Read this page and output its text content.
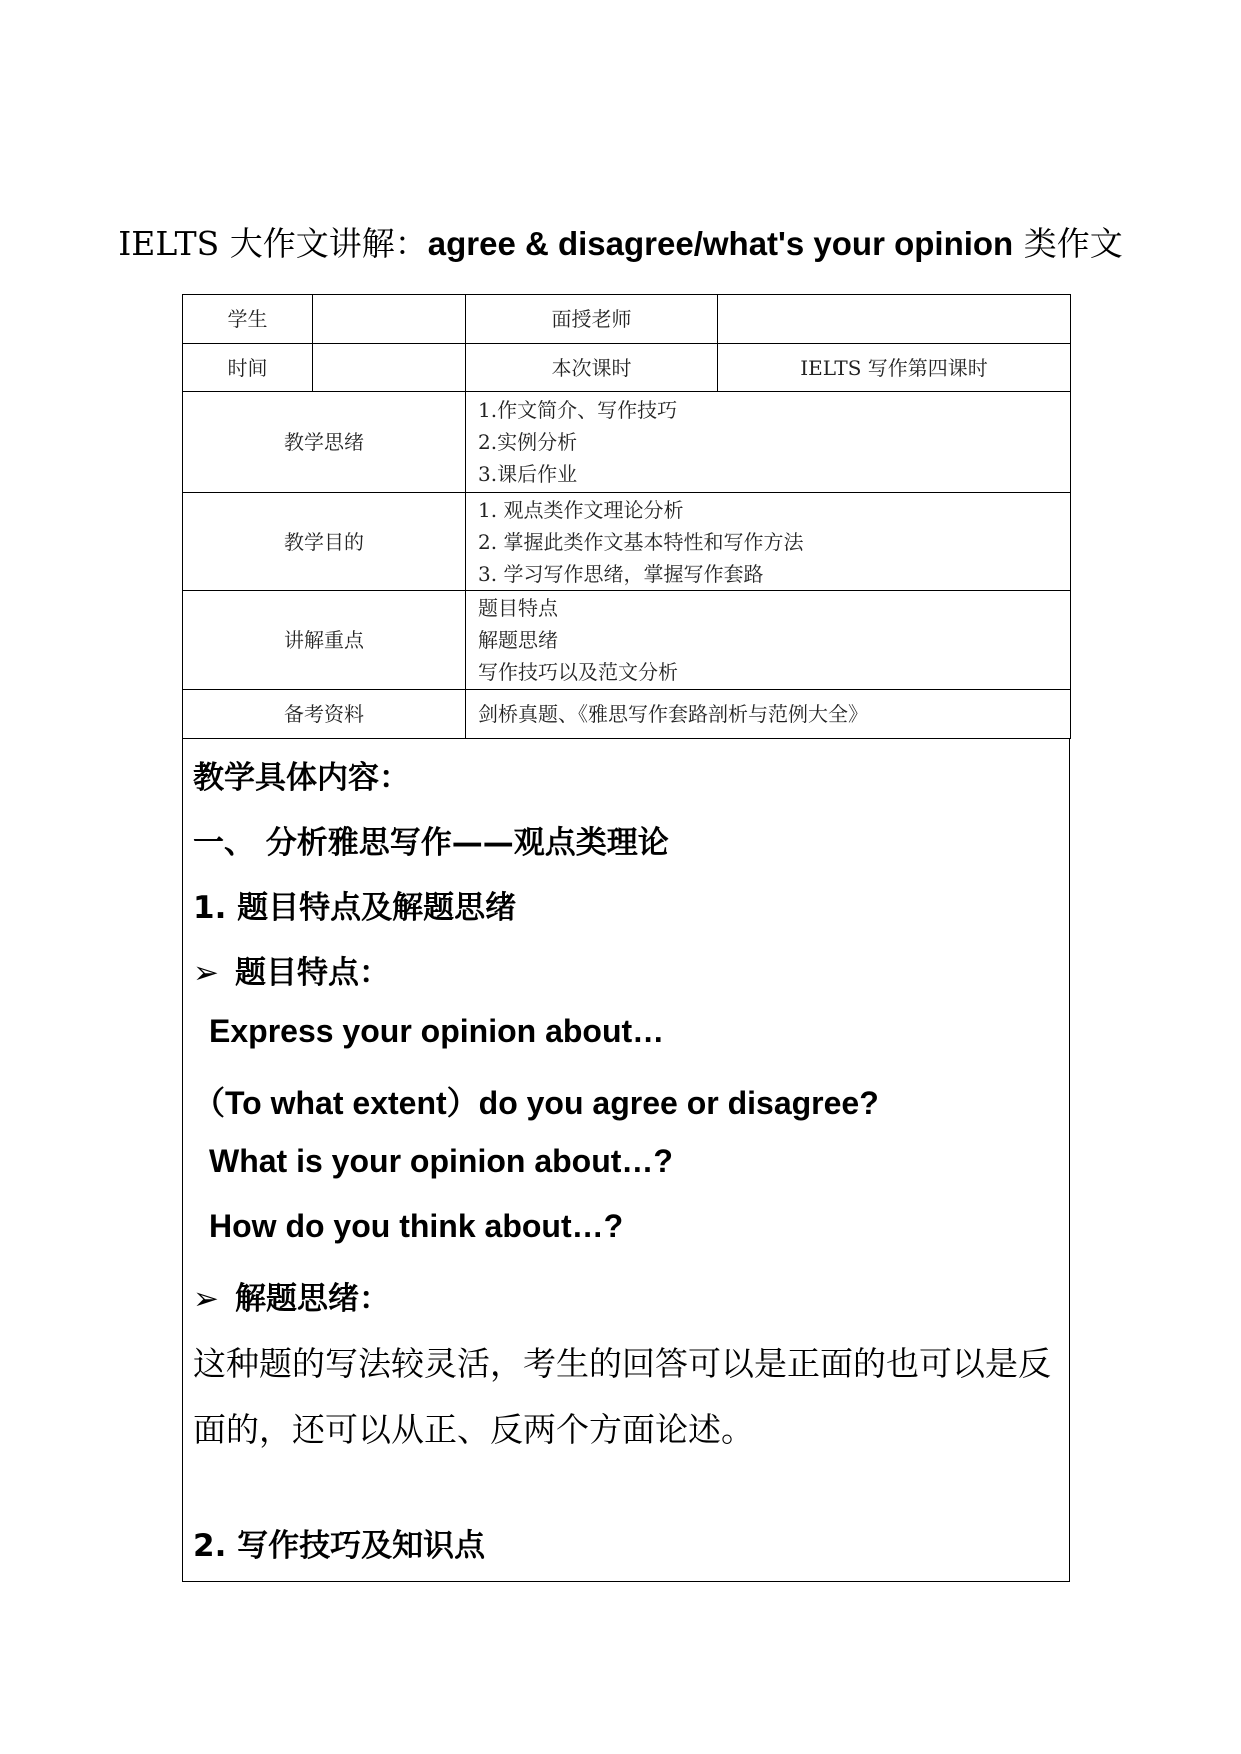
IELTS 大作文讲解：agree & disagree/what's your opinion 类作文
学生		面授老师	
时间		本次课时	IELTS 写作第四课时
教学思绪		1.作文简介、写作技巧
2.实例分析
3.课后作业	

教学目的		1. 观点类作文理论分析
2. 掌握此类作文基本特性和写作方法
3. 学习写作思绪，掌握写作套路	

讲解重点		题目特点
解题思绪
写作技巧以及范文分析	

备考资料		剑桥真题、《雅思写作套路剖析与范例大全》	
教学具体内容：
一、 分析雅思写作——观点类理论
1. 题目特点及解题思绪
➢ 题目特点：
Express your opinion about…
（To what extent）do you agree or disagree?
What is your opinion about…?
How do you think about…?
➢ 解题思绪：
这种题的写法较灵活，考生的回答可以是正面的也可以是反
面的，还可以从正、反两个方面论述。
2. 写作技巧及知识点
